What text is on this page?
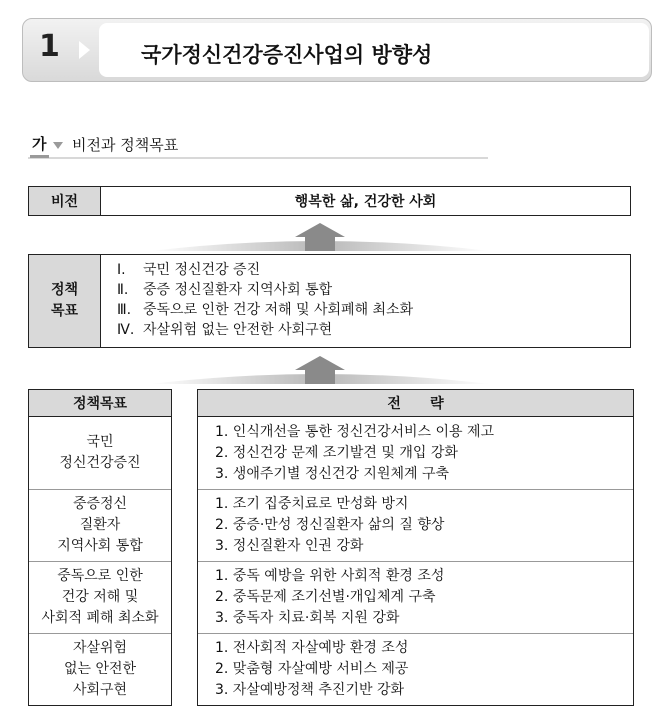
1	국가정신건강증진사업의 방향성
가 비전과 정책목표
비전	행복한 삶, 건강한 사회
정책
목표
Ⅰ. 국민 정신건강 증진
Ⅱ. 중증 정신질환자 지역사회 통합
Ⅲ. 중독으로 인한 건강 저해 및 사회폐해 최소화
Ⅳ. 자살위험 없는 안전한 사회구현
정책목표
국민
정신건강증진
중증정신
질환자
지역사회 통합
중독으로 인한
건강 저해 및
사회적 폐해 최소화
자살위험
없는 안전한
사회구현
전      략
1. 인식개선을 통한 정신건강서비스 이용 제고
2. 정신건강 문제 조기발견 및 개입 강화
3. 생애주기별 정신건강 지원체계 구축
1. 조기 집중치료로 만성화 방지
2. 중증·만성 정신질환자 삶의 질 향상
3. 정신질환자 인권 강화
1. 중독 예방을 위한 사회적 환경 조성
2. 중독문제 조기선별·개입체계 구축
3. 중독자 치료·회복 지원 강화
1. 전사회적 자살예방 환경 조성
2. 맞춤형 자살예방 서비스 제공
3. 자살예방정책 추진기반 강화
